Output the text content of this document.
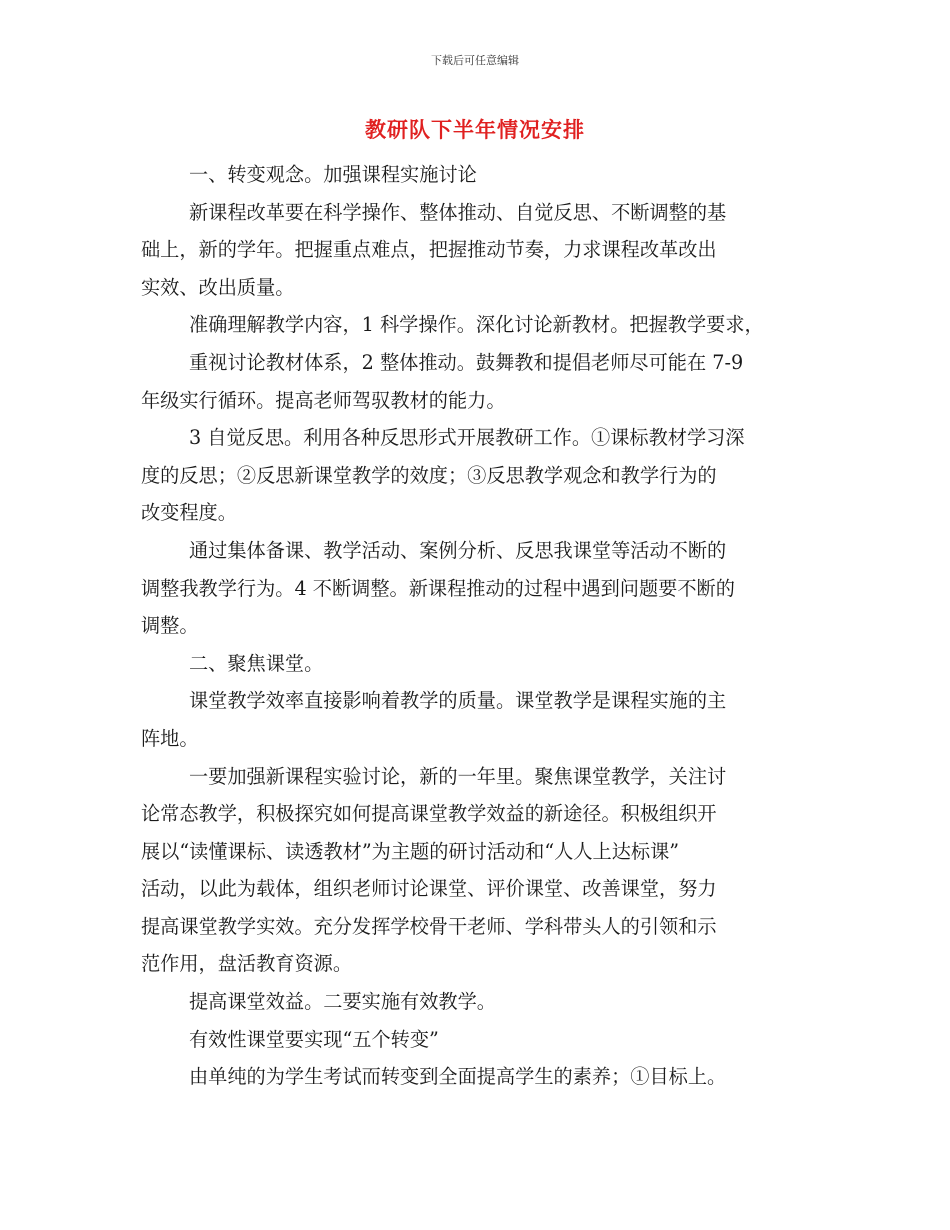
下载后可任意编辑
教研队下半年情况安排
一、转变观念。加强课程实施讨论
新课程改革要在科学操作、整体推动、自觉反思、不断调整的基
础上，新的学年。把握重点难点，把握推动节奏，力求课程改革改出
实效、改出质量。
准确理解教学内容，1 科学操作。深化讨论新教材。把握教学要求，
重视讨论教材体系，2 整体推动。鼓舞教和提倡老师尽可能在 7-9
年级实行循环。提高老师驾驭教材的能力。
3 自觉反思。利用各种反思形式开展教研工作。①课标教材学习深
度的反思；②反思新课堂教学的效度；③反思教学观念和教学行为的
改变程度。
通过集体备课、教学活动、案例分析、反思我课堂等活动不断的
调整我教学行为。4 不断调整。新课程推动的过程中遇到问题要不断的
调整。
二、聚焦课堂。
课堂教学效率直接影响着教学的质量。课堂教学是课程实施的主
阵地。
一要加强新课程实验讨论，新的一年里。聚焦课堂教学，关注讨
论常态教学，积极探究如何提高课堂教学效益的新途径。积极组织开
展以“读懂课标、读透教材”为主题的研讨活动和“人人上达标课”
活动，以此为载体，组织老师讨论课堂、评价课堂、改善课堂，努力
提高课堂教学实效。充分发挥学校骨干老师、学科带头人的引领和示
范作用，盘活教育资源。
提高课堂效益。二要实施有效教学。
有效性课堂要实现“五个转变”
由单纯的为学生考试而转变到全面提高学生的素养；①目标上。
